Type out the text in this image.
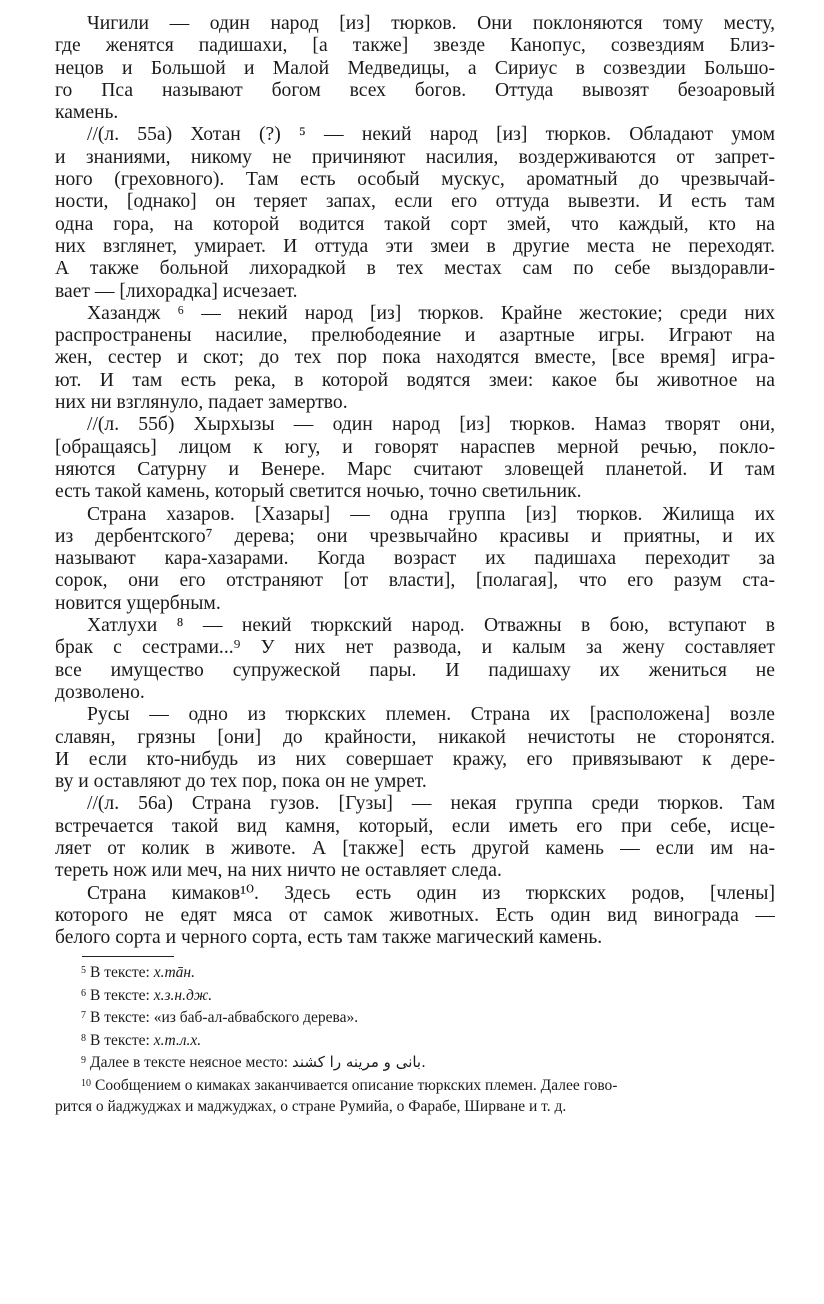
Чигили — один народ [из] тюрков. Они поклоняются тому месту,
где женятся падишахи, [а также] звезде Канопус, созвездиям Близ-
нецов и Большой и Малой Медведицы, а Сириус в созвездии Большо-
го Пса называют богом всех богов. Оттуда вывозят безоаровый
камень.
//(л. 55а) Хотан (?) ⁵ — некий народ [из] тюрков. Обладают умом
и знаниями, никому не причиняют насилия, воздерживаются от запрет-
ного (греховного). Там есть особый мускус, ароматный до чрезвычай-
ности, [однако] он теряет запах, если его оттуда вывезти. И есть там
одна гора, на которой водится такой сорт змей, что каждый, кто на
них взглянет, умирает. И оттуда эти змеи в другие места не переходят.
А также больной лихорадкой в тех местах сам по себе выздоравли-
вает — [лихорадка] исчезает.
Хазандж ⁶ — некий народ [из] тюрков. Крайне жестокие; среди них
распространены насилие, прелюбодеяние и азартные игры. Играют на
жен, сестер и скот; до тех пор пока находятся вместе, [все время] игра-
ют. И там есть река, в которой водятся змеи: какое бы животное на
них ни взглянуло, падает замертво.
//(л. 55б) Хырхызы — один народ [из] тюрков. Намаз творят они,
[обращаясь] лицом к югу, и говорят нараспев мерной речью, покло-
няются Сатурну и Венере. Марс считают зловещей планетой. И там
есть такой камень, который светится ночью, точно светильник.
Страна хазаров. [Хазары] — одна группа [из] тюрков. Жилища их
из дербентского⁷ дерева; они чрезвычайно красивы и приятны, и их
называют кара-хазарами. Когда возраст их падишаха переходит за
сорок, они его отстраняют [от власти], [полагая], что его разум ста-
новится ущербным.
Хатлухи ⁸ — некий тюркский народ. Отважны в бою, вступают в
брак с сестрами...⁹ У них нет развода, и калым за жену составляет
все имущество супружеской пары. И падишаху их жениться не
дозволено.
Русы — одно из тюркских племен. Страна их [расположена] возле
славян, грязны [они] до крайности, никакой нечистоты не сторонятся.
И если кто-нибудь из них совершает кражу, его привязывают к дере-
ву и оставляют до тех пор, пока он не умрет.
//(л. 56а) Страна гузов. [Гузы] — некая группа среди тюрков. Там
встречается такой вид камня, который, если иметь его при себе, исце-
ляет от колик в животе. А [также] есть другой камень — если им на-
тереть нож или меч, на них ничто не оставляет следа.
Страна кимаков¹⁰. Здесь есть один из тюркских родов, [члены]
которого не едят мяса от самок животных. Есть один вид винограда —
белого сорта и черного сорта, есть там также магический камень.
$^5$ В тексте: х.тāн.
$^6$ В тексте: х.з.н.дж.
$^7$ В тексте: «из баб-ал-абвабского дерева».
$^8$ В тексте: х.т.л.х.
$^9$ Далее в тексте неясное место: بانی و مرینه را کشند.
$^{10}$ Сообщением о кимаках заканчивается описание тюркских племен. Далее гово-
рится о йаджуджах и маджуджах, о стране Румийа, о Фарабе, Ширване и т. д.
